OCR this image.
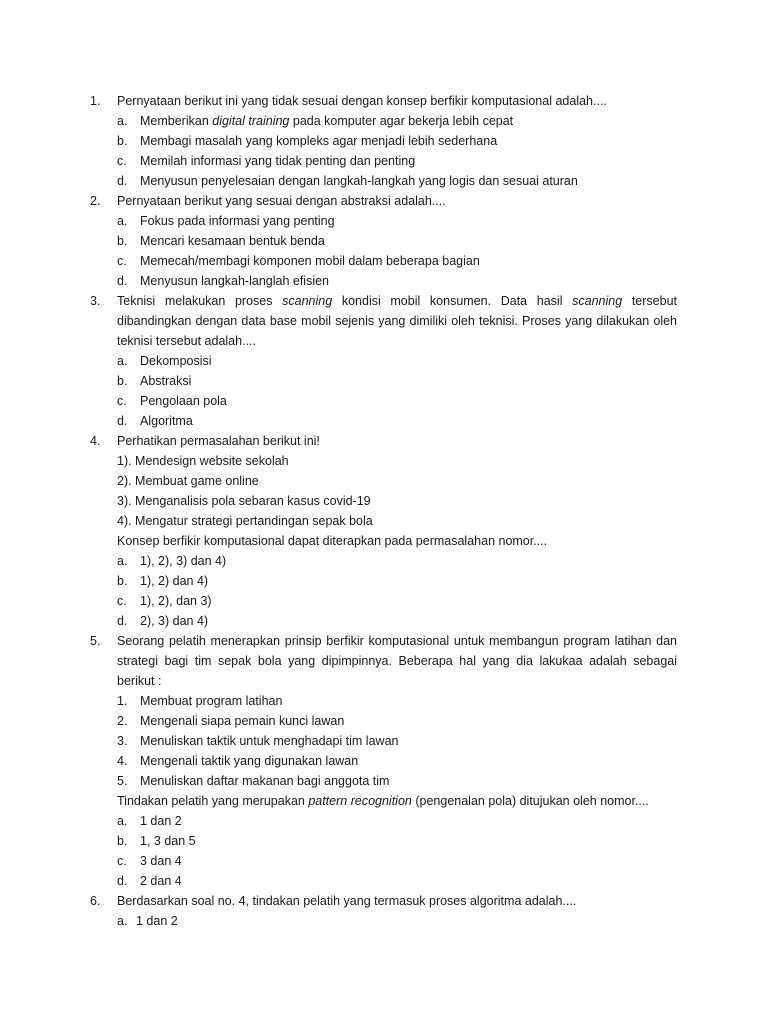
1. Pernyataan berikut ini yang tidak sesuai dengan konsep berfikir komputasional adalah....
a. Memberikan digital training pada komputer agar bekerja lebih cepat
b. Membagi masalah yang kompleks agar menjadi lebih sederhana
c. Memilah informasi yang tidak penting dan penting
d. Menyusun penyelesaian dengan langkah-langkah yang logis dan sesuai aturan
2. Pernyataan berikut yang sesuai dengan abstraksi adalah....
a. Fokus pada informasi yang penting
b. Mencari kesamaan bentuk benda
c. Memecah/membagi komponen mobil dalam beberapa bagian
d. Menyusun langkah-langlah efisien
3. Teknisi melakukan proses scanning kondisi mobil konsumen. Data hasil scanning tersebut
dibandingkan dengan data base mobil sejenis yang dimiliki oleh teknisi. Proses yang dilakukan oleh
teknisi tersebut adalah....
a. Dekomposisi
b. Abstraksi
c. Pengolaan pola
d. Algoritma
4. Perhatikan permasalahan berikut ini!
1). Mendesign website sekolah
2). Membuat game online
3). Menganalisis pola sebaran kasus covid-19
4). Mengatur strategi pertandingan sepak bola
Konsep berfikir komputasional dapat diterapkan pada permasalahan nomor....
a. 1), 2), 3) dan 4)
b. 1), 2) dan 4)
c. 1), 2), dan 3)
d. 2), 3) dan 4)
5. Seorang pelatih menerapkan prinsip berfikir komputasional untuk membangun program latihan dan
strategi bagi tim sepak bola yang dipimpinnya. Beberapa hal yang dia lakukaa adalah sebagai
berikut :
1. Membuat program latihan
2. Mengenali siapa pemain kunci lawan
3. Menuliskan taktik untuk menghadapi tim lawan
4. Mengenali taktik yang digunakan lawan
5. Menuliskan daftar makanan bagi anggota tim
Tindakan pelatih yang merupakan pattern recognition (pengenalan pola) ditujukan oleh nomor....
a. 1 dan 2
b. 1, 3 dan 5
c. 3 dan 4
d. 2 dan 4
6. Berdasarkan soal no. 4, tindakan pelatih yang termasuk proses algoritma adalah....
a. 1 dan 2
